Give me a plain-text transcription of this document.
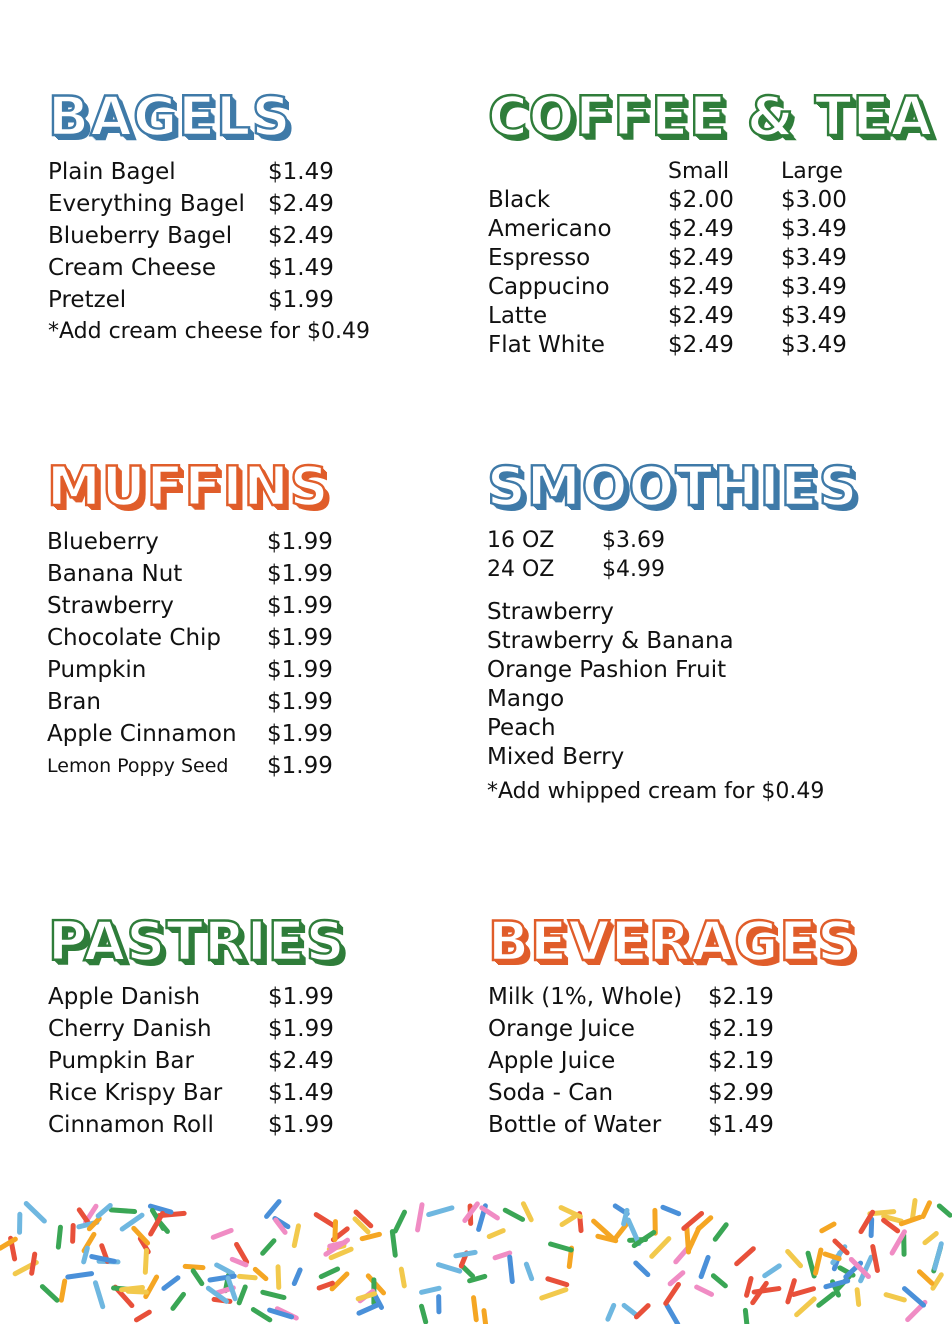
BAGELS
Plain Bagel	$1.49
Everything Bagel	$2.49
Blueberry Bagel	$2.49
Cream Cheese	$1.49
Pretzel	$1.99
*Add cream cheese for $0.49
COFFEE & TEA
Small	Large
Black	$2.00	$3.00
Americano	$2.49	$3.49
Espresso	$2.49	$3.49
Cappucino	$2.49	$3.49
Latte	$2.49	$3.49
Flat White	$2.49	$3.49
MUFFINS
Blueberry	$1.99
Banana Nut	$1.99
Strawberry	$1.99
Chocolate Chip	$1.99
Pumpkin	$1.99
Bran	$1.99
Apple Cinnamon	$1.99
Lemon Poppy Seed	$1.99
SMOOTHIES
16 OZ	$3.69
24 OZ	$4.99
Strawberry
Strawberry & Banana
Orange Pashion Fruit
Mango
Peach
Mixed Berry
*Add whipped cream for $0.49
PASTRIES
Apple Danish	$1.99
Cherry Danish	$1.99
Pumpkin Bar	$2.49
Rice Krispy Bar	$1.49
Cinnamon Roll	$1.99
BEVERAGES
Milk (1%, Whole)	$2.19
Orange Juice	$2.19
Apple Juice	$2.19
Soda - Can	$2.99
Bottle of Water	$1.49
